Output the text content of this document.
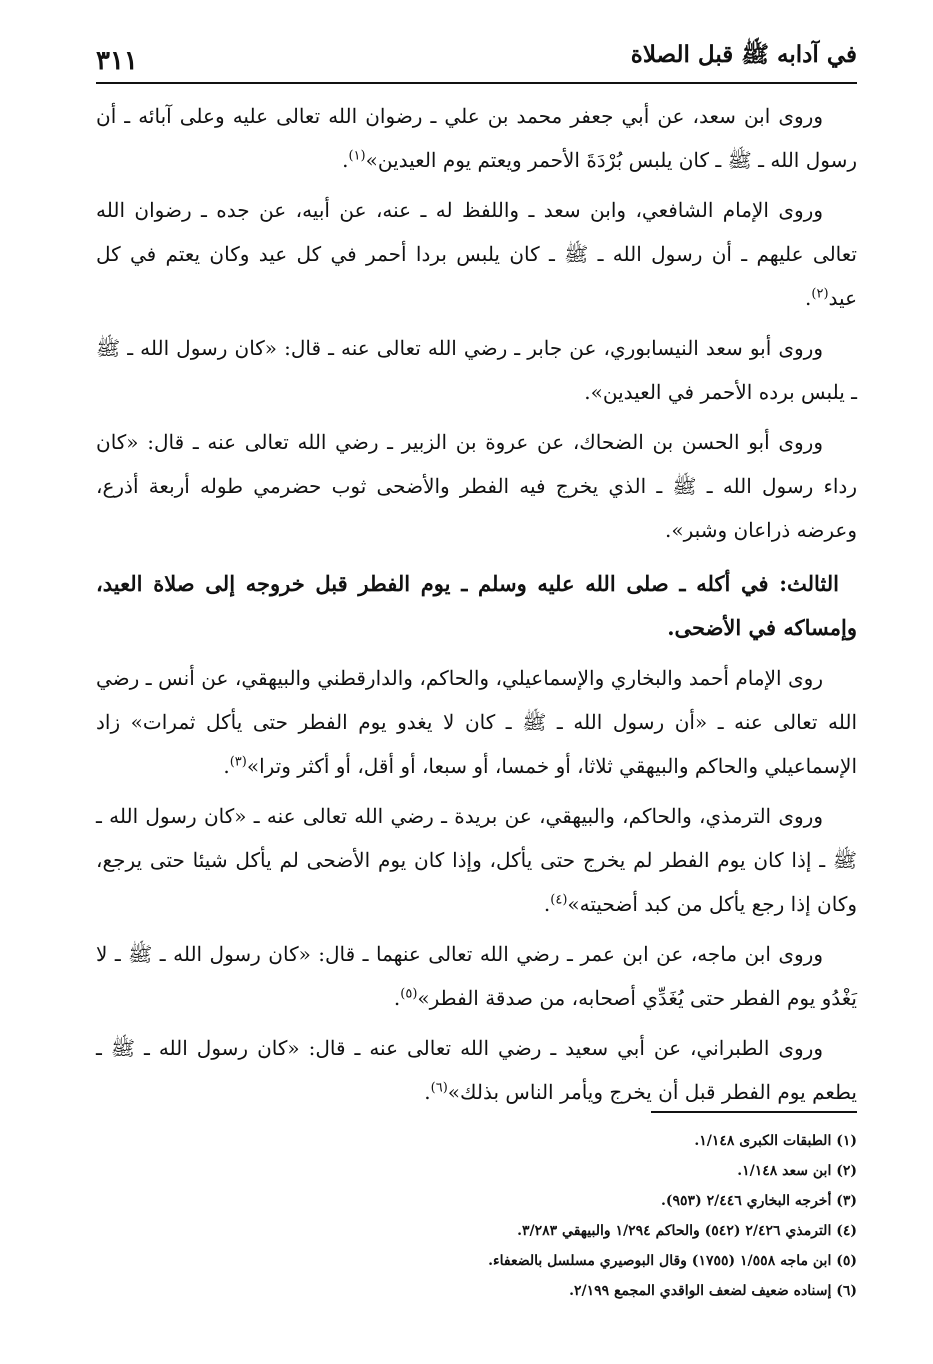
في آدابه ﷺ قبل الصلاة
٣١١

وروى ابن سعد، عن أبي جعفر محمد بن علي ـ رضوان الله تعالى عليه وعلى آبائه ـ أن رسول الله ـ ﷺ ـ كان يلبس بُرْدَةَ الأحمر ويعتم يوم العيدين»$^{(١)}$.

وروى الإمام الشافعي، وابن سعد ـ واللفظ له ـ عنه، عن أبيه، عن جده ـ رضوان الله تعالى عليهم ـ أن رسول الله ـ ﷺ ـ كان يلبس بردا أحمر في كل عيد وكان يعتم في كل عيد$^{(٢)}$.

وروى أبو سعد النيسابوري، عن جابر ـ رضي الله تعالى عنه ـ قال: «كان رسول الله ـ ﷺ ـ يلبس برده الأحمر في العيدين».

وروى أبو الحسن بن الضحاك، عن عروة بن الزبير ـ رضي الله تعالى عنه ـ قال: «كان رداء رسول الله ـ ﷺ ـ الذي يخرج فيه الفطر والأضحى ثوب حضرمي طوله أربعة أذرع، وعرضه ذراعان وشبر».

الثالث: في أكله ـ صلى الله عليه وسلم ـ يوم الفطر قبل خروجه إلى صلاة العيد، وإمساكه في الأضحى.

روى الإمام أحمد والبخاري والإسماعيلي، والحاكم، والدارقطني والبيهقي، عن أنس ـ رضي الله تعالى عنه ـ «أن رسول الله ـ ﷺ ـ كان لا يغدو يوم الفطر حتى يأكل ثمرات» زاد الإسماعيلي والحاكم والبيهقي ثلاثا، أو خمسا، أو سبعا، أو أقل، أو أكثر وترا»$^{(٣)}$.

وروى الترمذي، والحاكم، والبيهقي، عن بريدة ـ رضي الله تعالى عنه ـ «كان رسول الله ـ ﷺ ـ إذا كان يوم الفطر لم يخرج حتى يأكل، وإذا كان يوم الأضحى لم يأكل شيئا حتى يرجع، وكان إذا رجع يأكل من كبد أضحيته»$^{(٤)}$.

وروى ابن ماجه، عن ابن عمر ـ رضي الله تعالى عنهما ـ قال: «كان رسول الله ـ ﷺ ـ لا يَغْدُو يوم الفطر حتى يُغَدِّي أصحابه، من صدقة الفطر»$^{(٥)}$.

وروى الطبراني، عن أبي سعيد ـ رضي الله تعالى عنه ـ قال: «كان رسول الله ـ ﷺ ـ يطعم يوم الفطر قبل أن يخرج ويأمر الناس بذلك»$^{(٦)}$.

(١) الطبقات الكبرى ١/١٤٨.
(٢) ابن سعد ١/١٤٨.
(٣) أخرجه البخاري ٢/٤٤٦ (٩٥٣).
(٤) الترمذي ٢/٤٢٦ (٥٤٢) والحاكم ١/٢٩٤ والبيهقي ٣/٢٨٣.
(٥) ابن ماجه ١/٥٥٨ (١٧٥٥) وقال البوصيري مسلسل بالضعفاء.
(٦) إسناده ضعيف لضعف الواقدي المجمع ٢/١٩٩.
